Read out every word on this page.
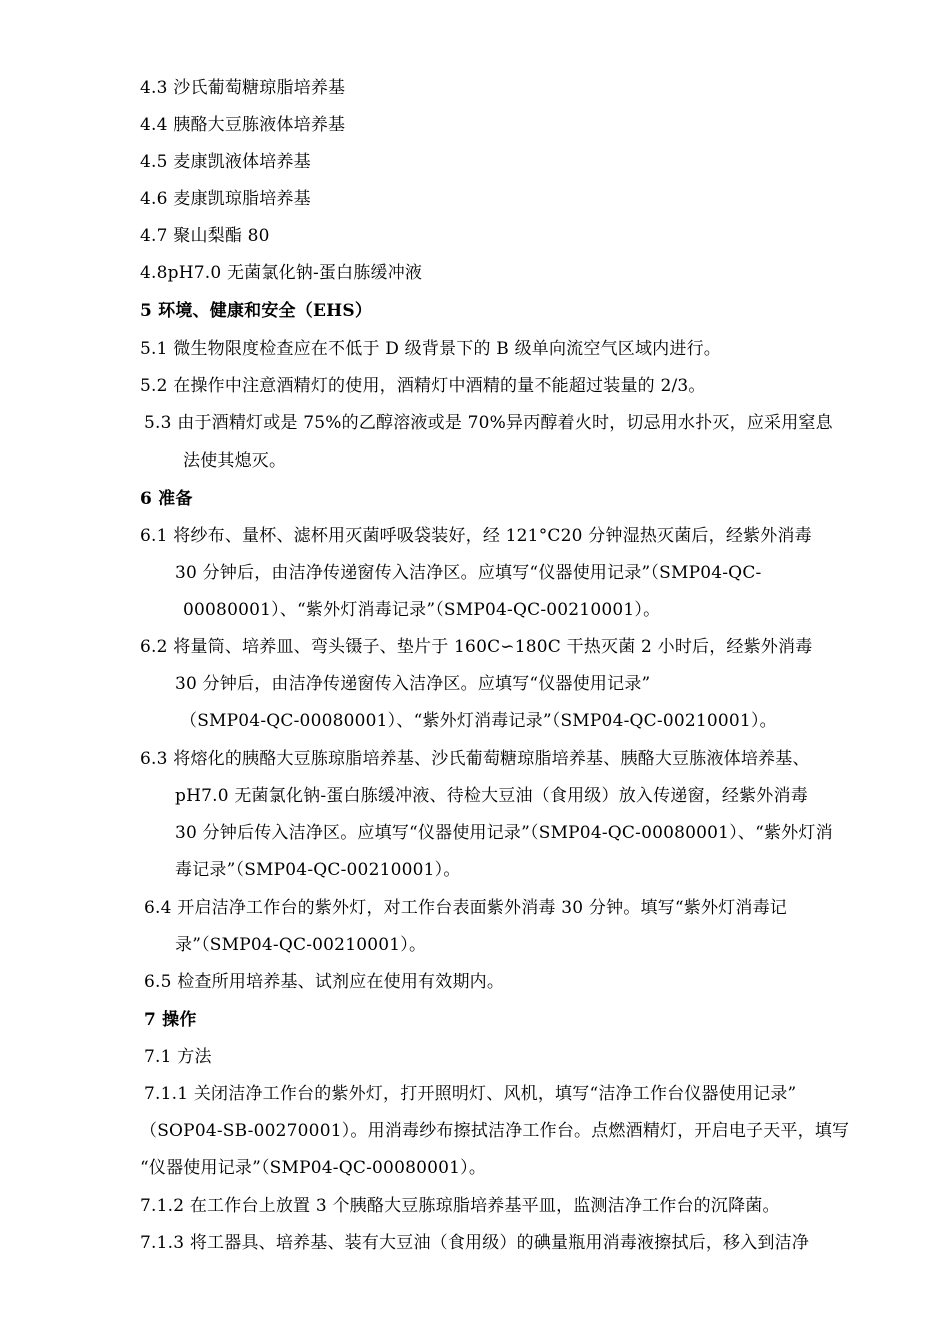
4.3 沙氏葡萄糖琼脂培养基
4.4 胰酪大豆胨液体培养基
4.5 麦康凯液体培养基
4.6 麦康凯琼脂培养基
4.7 聚山梨酯 80
4.8pH7.0 无菌氯化钠-蛋白胨缓冲液
5 环境、健康和安全（EHS）
5.1 微生物限度检查应在不低于 D 级背景下的 B 级单向流空气区域内进行。
5.2 在操作中注意酒精灯的使用，酒精灯中酒精的量不能超过装量的 2/3。
5.3 由于酒精灯或是 75%的乙醇溶液或是 70%异丙醇着火时，切忌用水扑灭，应采用窒息
法使其熄灭。
6 准备
6.1 将纱布、量杯、滤杯用灭菌呼吸袋装好，经 121°C20 分钟湿热灭菌后，经紫外消毒
30 分钟后，由洁净传递窗传入洁净区。应填写“仪器使用记录”（SMP04-QC-
00080001）、“紫外灯消毒记录”（SMP04-QC-00210001）。
6.2 将量筒、培养皿、弯头镊子、垫片于 160C∽180C 干热灭菌 2 小时后，经紫外消毒
30 分钟后，由洁净传递窗传入洁净区。应填写“仪器使用记录”
（SMP04-QC-00080001）、“紫外灯消毒记录”（SMP04-QC-00210001）。
6.3 将熔化的胰酪大豆胨琼脂培养基、沙氏葡萄糖琼脂培养基、胰酪大豆胨液体培养基、
pH7.0 无菌氯化钠-蛋白胨缓冲液、待检大豆油（食用级）放入传递窗，经紫外消毒
30 分钟后传入洁净区。应填写“仪器使用记录”（SMP04-QC-00080001）、“紫外灯消
毒记录”（SMP04-QC-00210001）。
6.4 开启洁净工作台的紫外灯，对工作台表面紫外消毒 30 分钟。填写“紫外灯消毒记
录”（SMP04-QC-00210001）。
6.5 检查所用培养基、试剂应在使用有效期内。
7 操作
7.1 方法
7.1.1 关闭洁净工作台的紫外灯，打开照明灯、风机，填写“洁净工作台仪器使用记录”
（SOP04-SB-00270001）。用消毒纱布擦拭洁净工作台。点燃酒精灯，开启电子天平，填写
“仪器使用记录”（SMP04-QC-00080001）。
7.1.2 在工作台上放置 3 个胰酪大豆胨琼脂培养基平皿，监测洁净工作台的沉降菌。
7.1.3 将工器具、培养基、装有大豆油（食用级）的碘量瓶用消毒液擦拭后，移入到洁净
